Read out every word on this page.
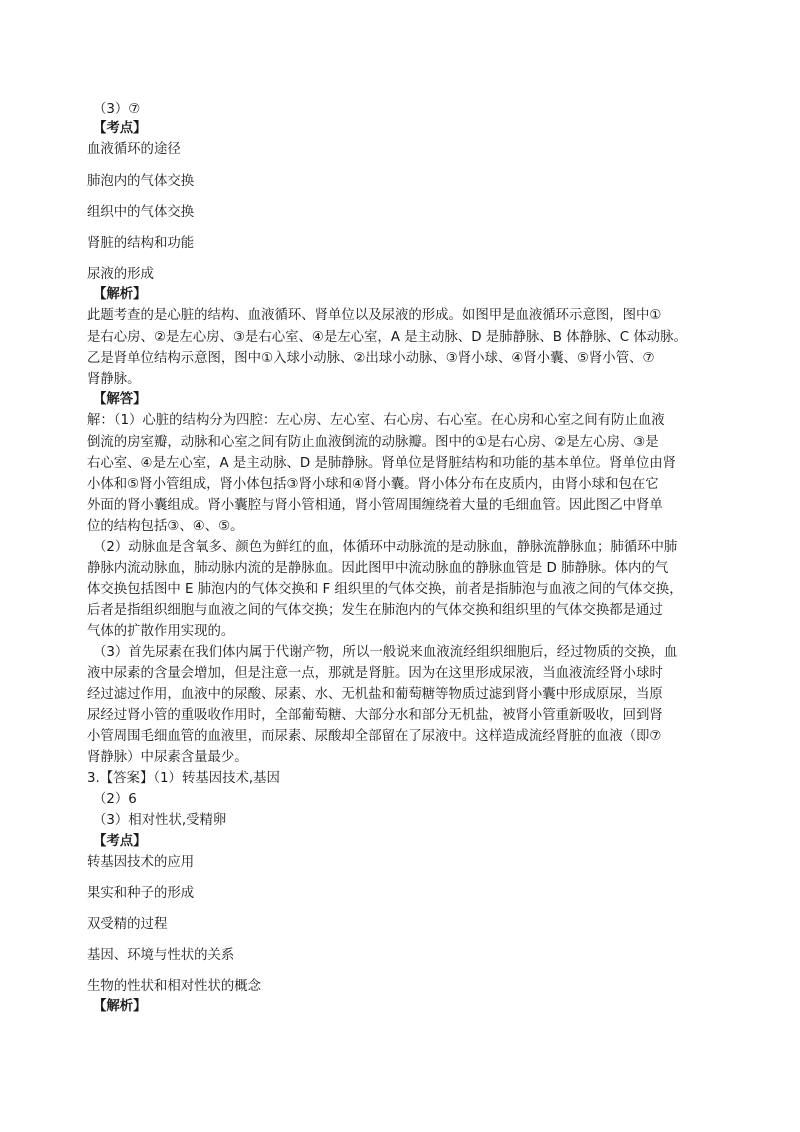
（3）⑦
【考点】
血液循环的途径
肺泡内的气体交换
组织中的气体交换
肾脏的结构和功能
尿液的形成
【解析】
此题考查的是心脏的结构、血液循环、肾单位以及尿液的形成。如图甲是血液循环示意图，图中①
是右心房、②是左心房、③是右心室、④是左心室，A 是主动脉、D 是肺静脉、B 体静脉、C 体动脉。
乙是肾单位结构示意图，图中①入球小动脉、②出球小动脉、③肾小球、④肾小囊、⑤肾小管、⑦
肾静脉。
【解答】
解：（1）心脏的结构分为四腔：左心房、左心室、右心房、右心室。在心房和心室之间有防止血液
倒流的房室瓣，动脉和心室之间有防止血液倒流的动脉瓣。图中的①是右心房、②是左心房、③是
右心室、④是左心室，A 是主动脉、D 是肺静脉。肾单位是肾脏结构和功能的基本单位。肾单位由肾
小体和⑤肾小管组成，肾小体包括③肾小球和④肾小囊。肾小体分布在皮质内，由肾小球和包在它
外面的肾小囊组成。肾小囊腔与肾小管相通，肾小管周围缠绕着大量的毛细血管。因此图乙中肾单
位的结构包括③、④、⑤。
（2）动脉血是含氧多、颜色为鲜红的血，体循环中动脉流的是动脉血，静脉流静脉血；肺循环中肺
静脉内流动脉血，肺动脉内流的是静脉血。因此图甲中流动脉血的静脉血管是 D 肺静脉。体内的气
体交换包括图中 E 肺泡内的气体交换和 F 组织里的气体交换，前者是指肺泡与血液之间的气体交换，
后者是指组织细胞与血液之间的气体交换；发生在肺泡内的气体交换和组织里的气体交换都是通过
气体的扩散作用实现的。
（3）首先尿素在我们体内属于代谢产物，所以一般说来血液流经组织细胞后，经过物质的交换，血
液中尿素的含量会增加，但是注意一点，那就是肾脏。因为在这里形成尿液，当血液流经肾小球时
经过滤过作用，血液中的尿酸、尿素、水、无机盐和葡萄糖等物质过滤到肾小囊中形成原尿，当原
尿经过肾小管的重吸收作用时，全部葡萄糖、大部分水和部分无机盐，被肾小管重新吸收，回到肾
小管周围毛细血管的血液里，而尿素、尿酸却全部留在了尿液中。这样造成流经肾脏的血液（即⑦
肾静脉）中尿素含量最少。
3.【答案】（1）转基因技术,基因
（2）6
（3）相对性状,受精卵
【考点】
转基因技术的应用
果实和种子的形成
双受精的过程
基因、环境与性状的关系
生物的性状和相对性状的概念
【解析】
